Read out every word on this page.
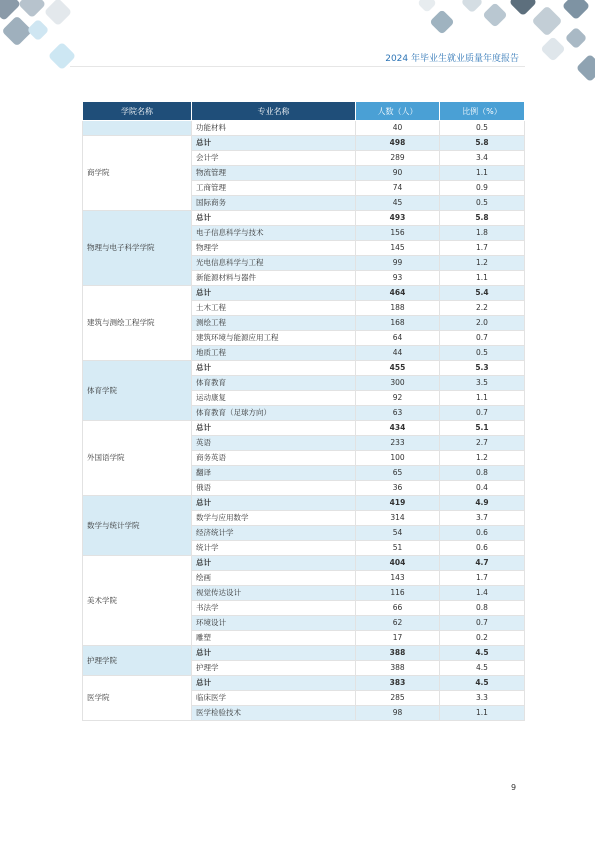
2024 年毕业生就业质量年度报告
学院名称	专业名称	人数（人）	比例（%）
	功能材料	40	0.5
商学院	总计	498	5.8
	会计学	289	3.4
	物流管理	90	1.1
	工商管理	74	0.9
	国际商务	45	0.5
物理与电子科学学院	总计	493	5.8
	电子信息科学与技术	156	1.8
	物理学	145	1.7
	光电信息科学与工程	99	1.2
	新能源材料与器件	93	1.1
建筑与测绘工程学院	总计	464	5.4
	土木工程	188	2.2
	测绘工程	168	2.0
	建筑环境与能源应用工程	64	0.7
	地质工程	44	0.5
体育学院	总计	455	5.3
	体育教育	300	3.5
	运动康复	92	1.1
	体育教育（足球方向）	63	0.7
外国语学院	总计	434	5.1
	英语	233	2.7
	商务英语	100	1.2
	翻译	65	0.8
	俄语	36	0.4
数学与统计学院	总计	419	4.9
	数学与应用数学	314	3.7
	经济统计学	54	0.6
	统计学	51	0.6
美术学院	总计	404	4.7
	绘画	143	1.7
	视觉传达设计	116	1.4
	书法学	66	0.8
	环境设计	62	0.7
	雕塑	17	0.2
护理学院	总计	388	4.5
	护理学	388	4.5
医学院	总计	383	4.5
	临床医学	285	3.3
	医学检验技术	98	1.1
9
